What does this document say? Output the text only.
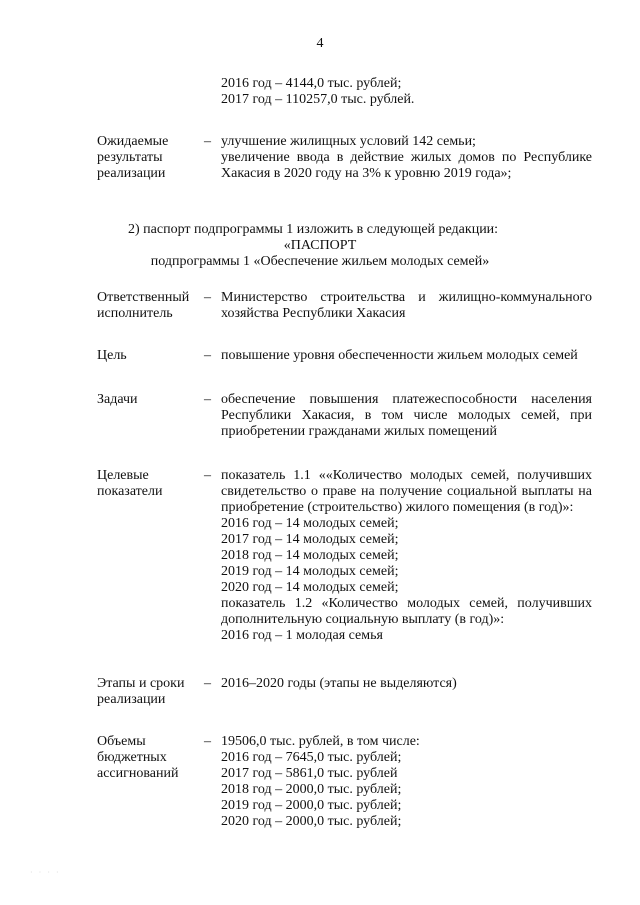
4
2016 год – 4144,0 тыс. рублей;
2017 год – 110257,0 тыс. рублей.
Ожидаемые
результаты
реализации
– улучшение жилищных условий 142 семьи;
увеличение ввода в действие жилых домов по Республике
Хакасия в 2020 году на 3% к уровню 2019 года»;
2) паспорт подпрограммы 1 изложить в следующей редакции:
«ПАСПОРТ
подпрограммы 1 «Обеспечение жильем молодых семей»
Ответственный
исполнитель
– Министерство строительства и жилищно-коммунального
хозяйства Республики Хакасия
Цель	– повышение уровня обеспеченности жильем молодых семей
Задачи	– обеспечение повышения платежеспособности населения
Республики Хакасия, в том числе молодых семей, при
приобретении гражданами жилых помещений
Целевые
показатели
– показатель 1.1 ««Количество молодых семей, получивших
свидетельство о праве на получение социальной выплаты на
приобретение (строительство) жилого помещения (в год)»:
2016 год – 14 молодых семей;
2017 год – 14 молодых семей;
2018 год – 14 молодых семей;
2019 год – 14 молодых семей;
2020 год – 14 молодых семей;
показатель 1.2 «Количество молодых семей, получивших
дополнительную социальную выплату (в год)»:
2016 год – 1 молодая семья
Этапы и сроки
реализации
– 2016–2020 годы (этапы не выделяются)
Объемы
бюджетных
ассигнований
– 19506,0 тыс. рублей, в том числе:
2016 год – 7645,0 тыс. рублей;
2017 год – 5861,0 тыс. рублей
2018 год – 2000,0 тыс. рублей;
2019 год – 2000,0 тыс. рублей;
2020 год – 2000,0 тыс. рублей;
· · · ·
